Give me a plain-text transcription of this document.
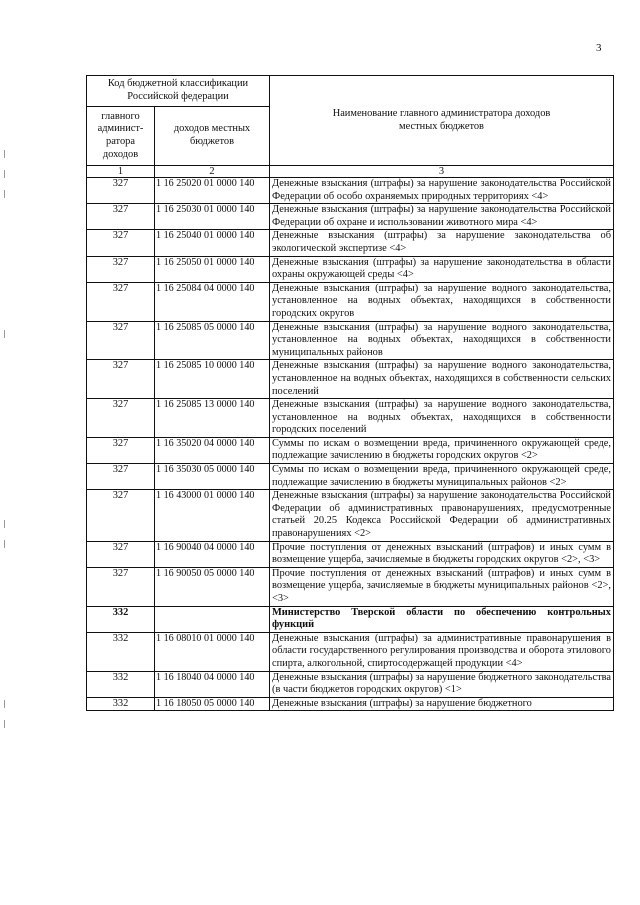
3
Код бюджетной классификации Российской федерации		Наименование главного администратора доходов местных бюджетов
главного админист-ратора доходов	доходов местных бюджетов	
1	2	3
327	1 16 25020 01 0000 140	Денежные взыскания (штрафы) за нарушение законодательства Российской Федерации об особо охраняемых природных территориях <4>
327	1 16 25030 01 0000 140	Денежные взыскания (штрафы) за нарушение законодательства Российской Федерации об охране и использовании животного мира <4>
327	1 16 25040 01 0000 140	Денежные взыскания (штрафы) за нарушение законодательства об экологической экспертизе <4>
327	1 16 25050 01 0000 140	Денежные взыскания (штрафы) за нарушение законодательства в области охраны окружающей среды <4>
327	1 16 25084 04 0000 140	Денежные взыскания (штрафы) за нарушение водного законодательства, установленное на водных объектах, находящихся в собственности городских округов
327	1 16 25085 05 0000 140	Денежные взыскания (штрафы) за нарушение водного законодательства, установленное на водных объектах, находящихся в собственности муниципальных районов
327	1 16 25085 10 0000 140	Денежные взыскания (штрафы) за нарушение водного законодательства, установленное на водных объектах, находящихся в собственности сельских поселений
327	1 16 25085 13 0000 140	Денежные взыскания (штрафы) за нарушение водного законодательства, установленное на водных объектах, находящихся в собственности городских поселений
327	1 16 35020 04 0000 140	Суммы по искам о возмещении вреда, причиненного окружающей среде, подлежащие зачислению в бюджеты городских округов <2>
327	1 16 35030 05 0000 140	Суммы по искам о возмещении вреда, причиненного окружающей среде, подлежащие зачислению в бюджеты муниципальных районов <2>
327	1 16 43000 01 0000 140	Денежные взыскания (штрафы) за нарушение законодательства Российской Федерации об административных правонарушениях, предусмотренные статьей 20.25 Кодекса Российской Федерации об административных правонарушениях <2>
327	1 16 90040 04 0000 140	Прочие поступления от денежных взысканий (штрафов) и иных сумм в возмещение ущерба, зачисляемые в бюджеты городских округов <2>, <3>
327	1 16 90050 05 0000 140	Прочие поступления от денежных взысканий (штрафов) и иных сумм в возмещение ущерба, зачисляемые в бюджеты муниципальных районов <2>, <3>
332		Министерство Тверской области по обеспечению контрольных функций
332	1 16 08010 01 0000 140	Денежные взыскания (штрафы) за административные правонарушения в области государственного регулирования производства и оборота этилового спирта, алкогольной, спиртосодержащей продукции <4>
332	1 16 18040 04 0000 140	Денежные взыскания (штрафы) за нарушение бюджетного законодательства (в части бюджетов городских округов) <1>
332	1 16 18050 05 0000 140	Денежные взыскания (штрафы) за нарушение бюджетного
